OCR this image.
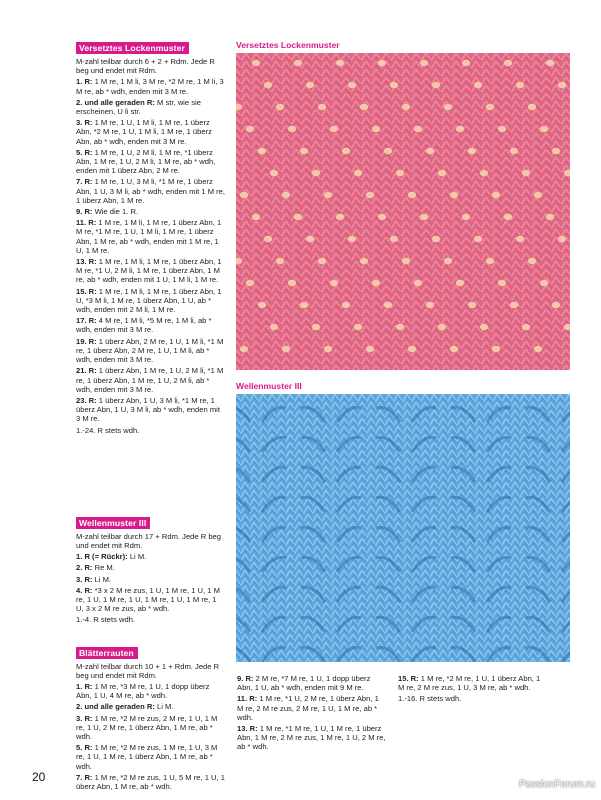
Versetztes Lockenmuster

M-zahl teilbar durch 6 + 2 + Rdm. Jede R beg und endet mit Rdm.

1. R: 1 M re, 1 M li, 3 M re, *2 M re, 1 M li, 3 M re, ab * wdh, enden mit 3 M re.

2. und alle geraden R: M str, wie sie erscheinen, U li str.

3. R: 1 M re, 1 U, 1 M li, 1 M re, 1 überz Abn, *2 M re, 1 U, 1 M li, 1 M re, 1 überz Abn, ab * wdh, enden mit 3 M re.

5. R: 1 M re, 1 U, 2 M li, 1 M re, *1 überz Abn, 1 M re, 1 U, 2 M li, 1 M re, ab * wdh, enden mit 1 überz Abn, 2 M re.

7. R: 1 M re, 1 U, 3 M li, *1 M re, 1 überz Abn, 1 U, 3 M li, ab * wdh, enden mit 1 M re, 1 überz Abn, 1 M re.

9. R: Wie die 1. R.

11. R: 1 M re, 1 M li, 1 M re, 1 überz Abn, 1 M re, *1 M re, 1 U, 1 M li, 1 M re, 1 überz Abn, 1 M re, ab * wdh, enden mit 1 M re, 1 U, 1 M re.

13. R: 1 M re, 1 M li, 1 M re, 1 überz Abn, 1 M re, *1 U, 2 M li, 1 M re, 1 überz Abn, 1 M re, ab * wdh, enden mit 1 U, 1 M li, 1 M re.

15. R: 1 M re, 1 M li, 1 M re, 1 überz Abn, 1 U, *3 M li, 1 M re, 1 überz Abn, 1 U, ab * wdh, enden mit 2 M li, 1 M re.

17. R: 4 M re, 1 M li, *5 M re, 1 M li, ab * wdh, enden mit 3 M re.

19. R: 1 überz Abn, 2 M re, 1 U, 1 M li, *1 M re, 1 überz Abn, 2 M re, 1 U, 1 M li, ab * wdh, enden mit 3 M re.

21. R: 1 überz Abn, 1 M re, 1 U, 2 M li, *1 M re, 1 überz Abn, 1 M re, 1 U, 2 M li, ab * wdh, enden mit 3 M re.

23. R: 1 überz Abn, 1 U, 3 M li, *1 M re, 1 überz Abn, 1 U, 3 M li, ab * wdh, enden mit 3 M re.

1.-24. R stets wdh.

Wellenmuster III

M-zahl teilbar durch 17 + Rdm. Jede R beg und endet mit Rdm.

1. R (= Rückr): Li M.

2. R: Re M.

3. R: Li M.

4. R: *3 x 2 M re zus, 1 U, 1 M re, 1 U, 1 M re, 1 U, 1 M re, 1 U, 1 M re, 1 U, 1 M re, 1 U, 3 x 2 M re zus, ab * wdh.

1.-4. R stets wdh.

Blätterrauten

M-zahl teilbar durch 10 + 1 + Rdm. Jede R beg und endet mit Rdm.

1. R: 1 M re, *3 M re, 1 U, 1 dopp überz Abn, 1 U, 4 M re, ab * wdh.

2. und alle geraden R: Li M.

3. R: 1 M re, *2 M re zus, 2 M re, 1 U, 1 M re, 1 U, 2 M re, 1 überz Abn, 1 M re, ab * wdh.

5. R: 1 M re, *2 M re zus, 1 M re, 1 U, 3 M re, 1 U, 1 M re, 1 überz Abn, 1 M re, ab * wdh.

7. R: 1 M re, *2 M re zus, 1 U, 5 M re, 1 U, 1 überz Abn, 1 M re, ab * wdh.

Versetztes Lockenmuster
Wellenmuster III

9. R: 2 M re, *7 M re, 1 U, 1 dopp überz Abn, 1 U, ab * wdh, enden mit 9 M re.

11. R: 1 M re, *1 U, 2 M re, 1 überz Abn, 1 M re, 2 M re zus, 2 M re, 1 U, 1 M re, ab * wdh.

13. R: 1 M re, *1 M re, 1 U, 1 M re, 1 überz Abn, 1 M re, 2 M re zus, 1 M re, 1 U, 2 M re, ab * wdh.

15. R: 1 M re, *2 M re, 1 U, 1 überz Abn, 1 M re, 2 M re zus, 1 U, 3 M re, ab * wdh.

1.-16. R stets wdh.

20
PassionForum.ru
